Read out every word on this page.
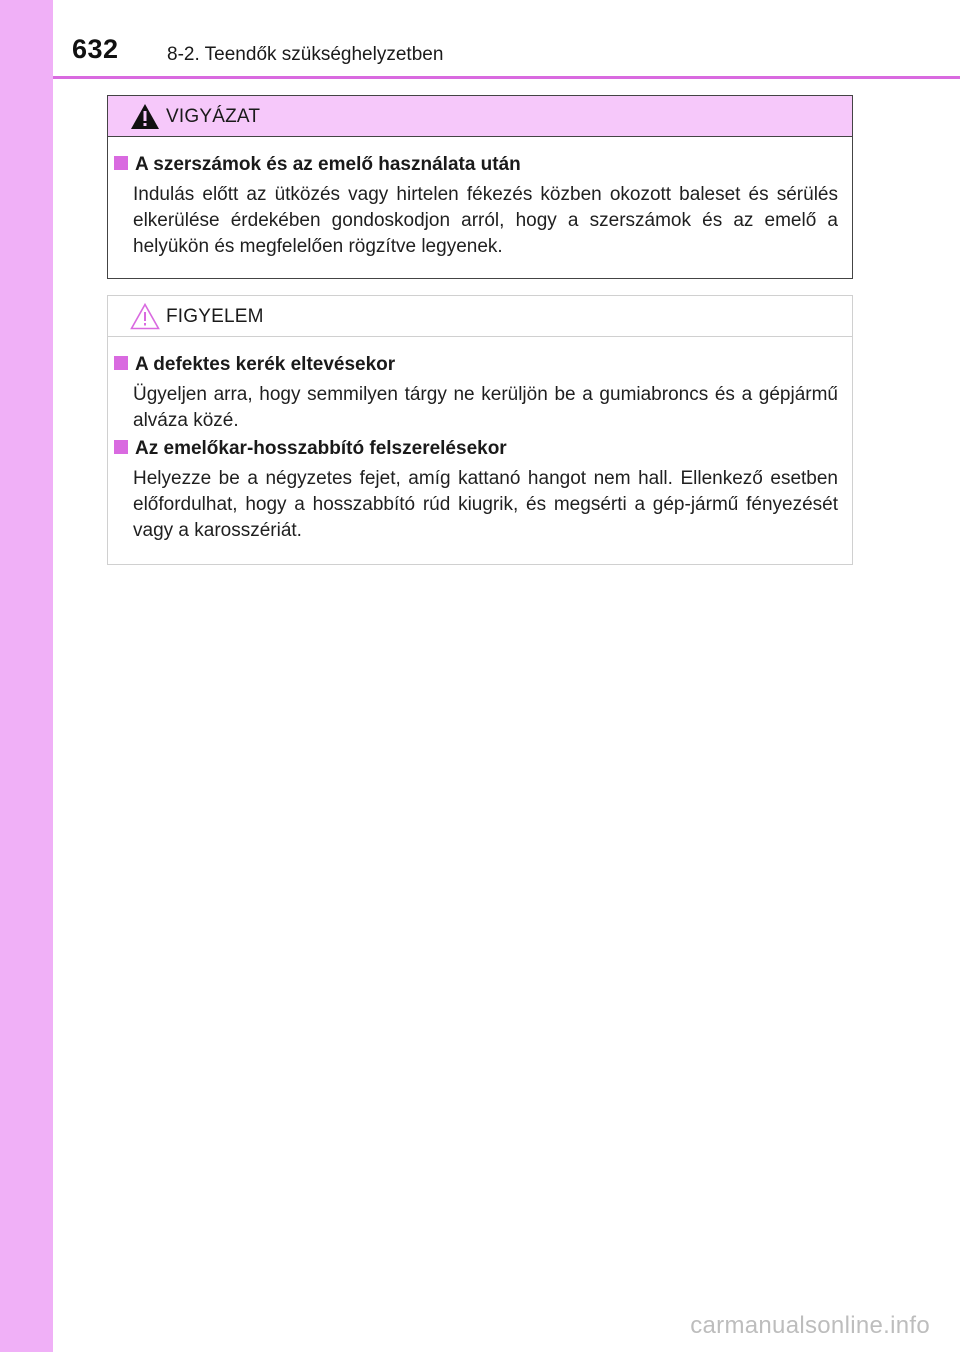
632	8-2. Teendők szükséghelyzetben
VIGYÁZAT
A szerszámok és az emelő használata után
Indulás előtt az ütközés vagy hirtelen fékezés közben okozott baleset és sérülés elkerülése érdekében gondoskodjon arról, hogy a szerszámok és az emelő a helyükön és megfelelően rögzítve legyenek.
FIGYELEM
A defektes kerék eltevésekor
Ügyeljen arra, hogy semmilyen tárgy ne kerüljön be a gumiabroncs és a gépjármű alváza közé.
Az emelőkar-hosszabbító felszerelésekor
Helyezze be a négyzetes fejet, amíg kattanó hangot nem hall. Ellenkező esetben előfordulhat, hogy a hosszabbító rúd kiugrik, és megsérti a gép-jármű fényezését vagy a karosszériát.
carmanualsonline.info
